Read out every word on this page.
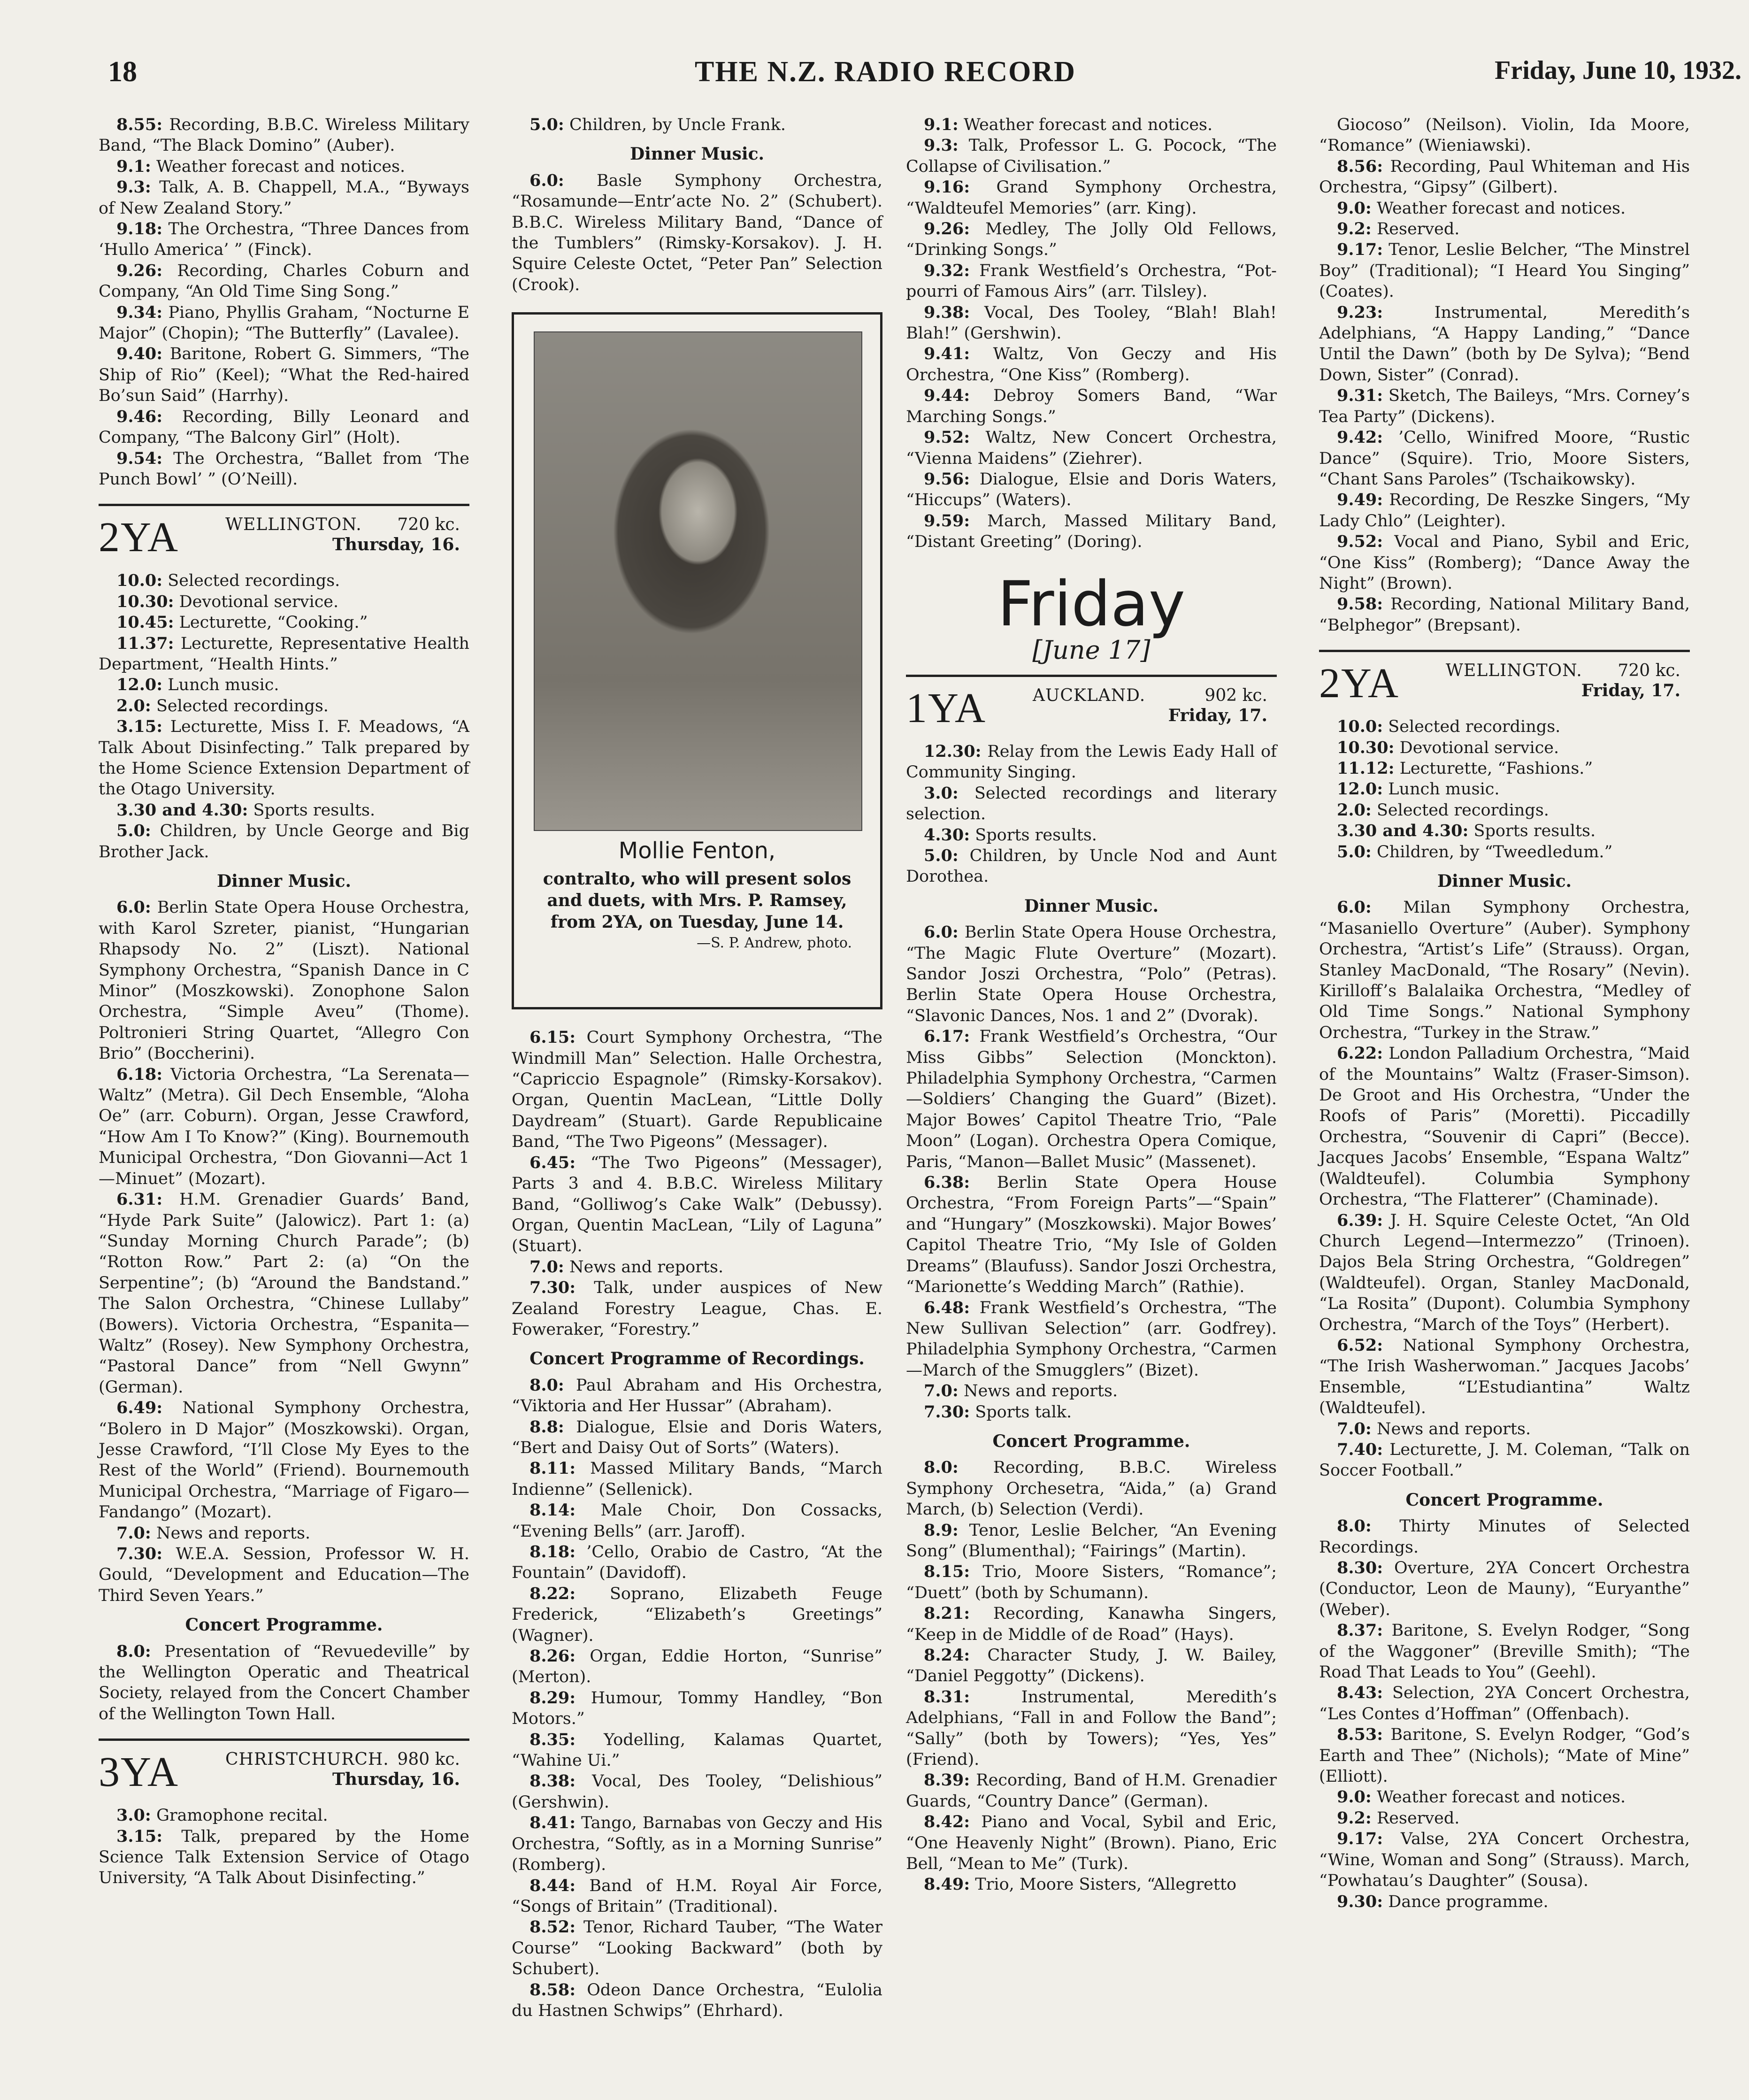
18	THE N.Z. RADIO RECORD	Friday, June 10, 1932.

8.55: Recording, B.B.C. Wireless Military Band, “The Black Domino” (Auber).

9.1: Weather forecast and notices.

9.3: Talk, A. B. Chappell, M.A., “Byways of New Zealand Story.”

9.18: The Orchestra, “Three Dances from ‘Hullo America’ ” (Finck).

9.26: Recording, Charles Coburn and Company, “An Old Time Sing Song.”

9.34: Piano, Phyllis Graham, “Nocturne E Major” (Chopin); “The Butterfly” (Lavalee).

9.40: Baritone, Robert G. Simmers, “The Ship of Rio” (Keel); “What the Red-haired Bo’sun Said” (Harrhy).

9.46: Recording, Billy Leonard and Company, “The Balcony Girl” (Holt).

9.54: The Orchestra, “Ballet from ‘The Punch Bowl’ ” (O’Neill).

2YA	WELLINGTON. 720 kc.
Thursday, 16.

10.0: Selected recordings.

10.30: Devotional service.

10.45: Lecturette, “Cooking.”

11.37: Lecturette, Representative Health Department, “Health Hints.”

12.0: Lunch music.

2.0: Selected recordings.

3.15: Lecturette, Miss I. F. Meadows, “A Talk About Disinfecting.” Talk prepared by the Home Science Extension Department of the Otago University.

3.30 and 4.30: Sports results.

5.0: Children, by Uncle George and Big Brother Jack.

Dinner Music.

6.0: Berlin State Opera House Orchestra, with Karol Szreter, pianist, “Hungarian Rhapsody No. 2” (Liszt). National Symphony Orchestra, “Spanish Dance in C Minor” (Moszkowski). Zonophone Salon Orchestra, “Simple Aveu” (Thome). Poltronieri String Quartet, “Allegro Con Brio” (Boccherini).

6.18: Victoria Orchestra, “La Serenata—Waltz” (Metra). Gil Dech Ensemble, “Aloha Oe” (arr. Coburn). Organ, Jesse Crawford, “How Am I To Know?” (King). Bournemouth Municipal Orchestra, “Don Giovanni—Act 1—Minuet” (Mozart).

6.31: H.M. Grenadier Guards’ Band, “Hyde Park Suite” (Jalowicz). Part 1: (a) “Sunday Morning Church Parade”; (b) “Rotton Row.” Part 2: (a) “On the Serpentine”; (b) “Around the Bandstand.” The Salon Orchestra, “Chinese Lullaby” (Bowers). Victoria Orchestra, “Espanita—Waltz” (Rosey). New Symphony Orchestra, “Pastoral Dance” from “Nell Gwynn” (German).

6.49: National Symphony Orchestra, “Bolero in D Major” (Moszkowski). Organ, Jesse Crawford, “I’ll Close My Eyes to the Rest of the World” (Friend). Bournemouth Municipal Orchestra, “Marriage of Figaro—Fandango” (Mozart).

7.0: News and reports.

7.30: W.E.A. Session, Professor W. H. Gould, “Development and Education—The Third Seven Years.”

Concert Programme.

8.0: Presentation of “Revuedeville” by the Wellington Operatic and Theatrical Society, relayed from the Concert Chamber of the Wellington Town Hall.

3YA	CHRISTCHURCH. 980 kc.
Thursday, 16.

3.0: Gramophone recital.

3.15: Talk, prepared by the Home Science Talk Extension Service of Otago University, “A Talk About Disinfecting.”

5.0: Children, by Uncle Frank.

Dinner Music.

6.0: Basle Symphony Orchestra, “Rosamunde—Entr’acte No. 2” (Schubert). B.B.C. Wireless Military Band, “Dance of the Tumblers” (Rimsky-Korsakov). J. H. Squire Celeste Octet, “Peter Pan” Selection (Crook).

Mollie Fenton,
contralto, who will present solos and duets, with Mrs. P. Ramsey, from 2YA, on Tuesday, June 14.
—S. P. Andrew, photo.

6.15: Court Symphony Orchestra, “The Windmill Man” Selection. Halle Orchestra, “Capriccio Espagnole” (Rimsky-Korsakov). Organ, Quentin MacLean, “Little Dolly Daydream” (Stuart). Garde Republicaine Band, “The Two Pigeons” (Messager).

6.45: “The Two Pigeons” (Messager), Parts 3 and 4. B.B.C. Wireless Military Band, “Golliwog’s Cake Walk” (Debussy). Organ, Quentin MacLean, “Lily of Laguna” (Stuart).

7.0: News and reports.

7.30: Talk, under auspices of New Zealand Forestry League, Chas. E. Foweraker, “Forestry.”

Concert Programme of Recordings.

8.0: Paul Abraham and His Orchestra, “Viktoria and Her Hussar” (Abraham).

8.8: Dialogue, Elsie and Doris Waters, “Bert and Daisy Out of Sorts” (Waters).

8.11: Massed Military Bands, “March Indienne” (Sellenick).

8.14: Male Choir, Don Cossacks, “Evening Bells” (arr. Jaroff).

8.18: ’Cello, Orabio de Castro, “At the Fountain” (Davidoff).

8.22: Soprano, Elizabeth Feuge Frederick, “Elizabeth’s Greetings” (Wagner).

8.26: Organ, Eddie Horton, “Sunrise” (Merton).

8.29: Humour, Tommy Handley, “Bon Motors.”

8.35: Yodelling, Kalamas Quartet, “Wahine Ui.”

8.38: Vocal, Des Tooley, “Delishious” (Gershwin).

8.41: Tango, Barnabas von Geczy and His Orchestra, “Softly, as in a Morning Sunrise” (Romberg).

8.44: Band of H.M. Royal Air Force, “Songs of Britain” (Traditional).

8.52: Tenor, Richard Tauber, “The Water Course” “Looking Backward” (both by Schubert).

8.58: Odeon Dance Orchestra, “Eulolia du Hastnen Schwips” (Ehrhard).

9.1: Weather forecast and notices.

9.3: Talk, Professor L. G. Pocock, “The Collapse of Civilisation.”

9.16: Grand Symphony Orchestra, “Waldteufel Memories” (arr. King).

9.26: Medley, The Jolly Old Fellows, “Drinking Songs.”

9.32: Frank Westfield’s Orchestra, “Pot-pourri of Famous Airs” (arr. Tilsley).

9.38: Vocal, Des Tooley, “Blah! Blah! Blah!” (Gershwin).

9.41: Waltz, Von Geczy and His Orchestra, “One Kiss” (Romberg).

9.44: Debroy Somers Band, “War Marching Songs.”

9.52: Waltz, New Concert Orchestra, “Vienna Maidens” (Ziehrer).

9.56: Dialogue, Elsie and Doris Waters, “Hiccups” (Waters).

9.59: March, Massed Military Band, “Distant Greeting” (Doring).

Friday
[June 17]
1YA	AUCKLAND.	902 kc.
Friday, 17.

12.30: Relay from the Lewis Eady Hall of Community Singing.

3.0: Selected recordings and literary selection.

4.30: Sports results.

5.0: Children, by Uncle Nod and Aunt Dorothea.

Dinner Music.

6.0: Berlin State Opera House Orchestra, “The Magic Flute Overture” (Mozart). Sandor Joszi Orchestra, “Polo” (Petras). Berlin State Opera House Orchestra, “Slavonic Dances, Nos. 1 and 2” (Dvorak).

6.17: Frank Westfield’s Orchestra, “Our Miss Gibbs” Selection (Monckton). Philadelphia Symphony Orchestra, “Carmen—Soldiers’ Changing the Guard” (Bizet). Major Bowes’ Capitol Theatre Trio, “Pale Moon” (Logan). Orchestra Opera Comique, Paris, “Manon—Ballet Music” (Massenet).

6.38: Berlin State Opera House Orchestra, “From Foreign Parts”—“Spain” and “Hungary” (Moszkowski). Major Bowes’ Capitol Theatre Trio, “My Isle of Golden Dreams” (Blaufuss). Sandor Joszi Orchestra, “Marionette’s Wedding March” (Rathie).

6.48: Frank Westfield’s Orchestra, “The New Sullivan Selection” (arr. Godfrey). Philadelphia Symphony Orchestra, “Carmen—March of the Smugglers” (Bizet).

7.0: News and reports.

7.30: Sports talk.

Concert Programme.

8.0: Recording, B.B.C. Wireless Symphony Orchesetra, “Aida,” (a) Grand March, (b) Selection (Verdi).

8.9: Tenor, Leslie Belcher, “An Evening Song” (Blumenthal); “Fairings” (Martin).

8.15: Trio, Moore Sisters, “Romance”; “Duett” (both by Schumann).

8.21: Recording, Kanawha Singers, “Keep in de Middle of de Road” (Hays).

8.24: Character Study, J. W. Bailey, “Daniel Peggotty” (Dickens).

8.31: Instrumental, Meredith’s Adelphians, “Fall in and Follow the Band”; “Sally” (both by Towers); “Yes, Yes” (Friend).

8.39: Recording, Band of H.M. Grenadier Guards, “Country Dance” (German).

8.42: Piano and Vocal, Sybil and Eric, “One Heavenly Night” (Brown). Piano, Eric Bell, “Mean to Me” (Turk).

8.49: Trio, Moore Sisters, “Allegretto

Giocoso” (Neilson). Violin, Ida Moore, “Romance” (Wieniawski).

8.56: Recording, Paul Whiteman and His Orchestra, “Gipsy” (Gilbert).

9.0: Weather forecast and notices.

9.2: Reserved.

9.17: Tenor, Leslie Belcher, “The Minstrel Boy” (Traditional); “I Heard You Singing” (Coates).

9.23: Instrumental, Meredith’s Adelphians, “A Happy Landing,” “Dance Until the Dawn” (both by De Sylva); “Bend Down, Sister” (Conrad).

9.31: Sketch, The Baileys, “Mrs. Corney’s Tea Party” (Dickens).

9.42: ’Cello, Winifred Moore, “Rustic Dance” (Squire). Trio, Moore Sisters, “Chant Sans Paroles” (Tschaikowsky).

9.49: Recording, De Reszke Singers, “My Lady Chlo” (Leighter).

9.52: Vocal and Piano, Sybil and Eric, “One Kiss” (Romberg); “Dance Away the Night” (Brown).

9.58: Recording, National Military Band, “Belphegor” (Brepsant).

2YA	WELLINGTON. 720 kc.
Friday, 17.

10.0: Selected recordings.

10.30: Devotional service.

11.12: Lecturette, “Fashions.”

12.0: Lunch music.

2.0: Selected recordings.

3.30 and 4.30: Sports results.

5.0: Children, by “Tweedledum.”

Dinner Music.

6.0: Milan Symphony Orchestra, “Masaniello Overture” (Auber). Symphony Orchestra, “Artist’s Life” (Strauss). Organ, Stanley MacDonald, “The Rosary” (Nevin). Kirilloff’s Balalaika Orchestra, “Medley of Old Time Songs.” National Symphony Orchestra, “Turkey in the Straw.”

6.22: London Palladium Orchestra, “Maid of the Mountains” Waltz (Fraser-Simson). De Groot and His Orchestra, “Under the Roofs of Paris” (Moretti). Piccadilly Orchestra, “Souvenir di Capri” (Becce). Jacques Jacobs’ Ensemble, “Espana Waltz” (Waldteufel). Columbia Symphony Orchestra, “The Flatterer” (Chaminade).

6.39: J. H. Squire Celeste Octet, “An Old Church Legend—Intermezzo” (Trinoen). Dajos Bela String Orchestra, “Goldregen” (Waldteufel). Organ, Stanley MacDonald, “La Rosita” (Dupont). Columbia Symphony Orchestra, “March of the Toys” (Herbert).

6.52: National Symphony Orchestra, “The Irish Washerwoman.” Jacques Jacobs’ Ensemble, “L’Estudiantina” Waltz (Waldteufel).

7.0: News and reports.

7.40: Lecturette, J. M. Coleman, “Talk on Soccer Football.”

Concert Programme.

8.0: Thirty Minutes of Selected Recordings.

8.30: Overture, 2YA Concert Orchestra (Conductor, Leon de Mauny), “Euryanthe” (Weber).

8.37: Baritone, S. Evelyn Rodger, “Song of the Waggoner” (Breville Smith); “The Road That Leads to You” (Geehl).

8.43: Selection, 2YA Concert Orchestra, “Les Contes d’Hoffman” (Offenbach).

8.53: Baritone, S. Evelyn Rodger, “God’s Earth and Thee” (Nichols); “Mate of Mine” (Elliott).

9.0: Weather forecast and notices.

9.2: Reserved.

9.17: Valse, 2YA Concert Orchestra, “Wine, Woman and Song” (Strauss). March, “Powhatau’s Daughter” (Sousa).

9.30: Dance programme.
